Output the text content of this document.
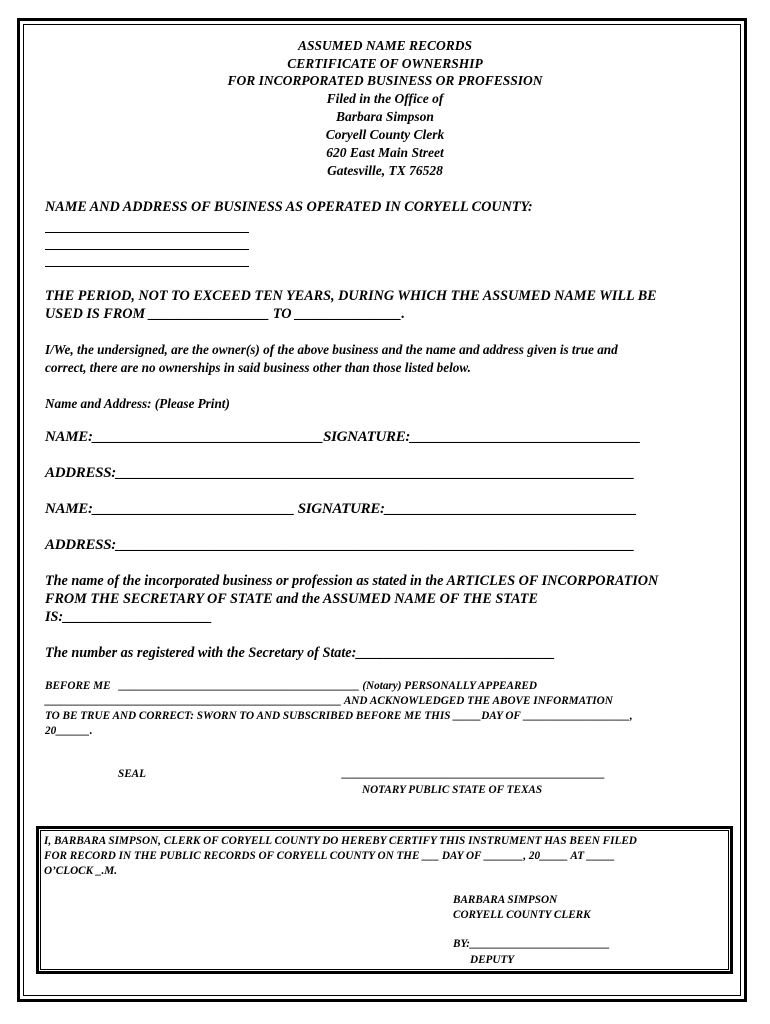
ASSUMED NAME RECORDS
CERTIFICATE OF OWNERSHIP
FOR INCORPORATED BUSINESS OR PROFESSION
Filed in the Office of
Barbara Simpson
Coryell County Clerk
620 East Main Street
Gatesville, TX 76528
NAME AND ADDRESS OF BUSINESS AS OPERATED IN CORYELL COUNTY:
THE PERIOD, NOT TO EXCEED TEN YEARS, DURING WHICH THE ASSUMED NAME WILL BE
USED IS FROM _________________ TO _______________.
I/We, the undersigned, are the owner(s) of the above business and the name and address given is true and
correct, there are no ownerships in said business other than those listed below.
Name and Address: (Please Print)
NAME:________________________________SIGNATURE:________________________________
ADDRESS:________________________________________________________________________
NAME:____________________________ SIGNATURE:___________________________________
ADDRESS:________________________________________________________________________
The name of the incorporated business or profession as stated in the ARTICLES OF INCORPORATION
FROM THE SECRETARY OF STATE and the ASSUMED NAME OF THE STATE
IS:_____________________
The number as registered with the Secretary of State:____________________________
BEFORE ME   ___________________________________________ (Notary) PERSONALLY APPEARED
_____________________________________________________ AND ACKNOWLEDGED THE ABOVE INFORMATION
TO BE TRUE AND CORRECT: SWORN TO AND SUBSCRIBED BEFORE ME THIS _____DAY OF ___________________,
20______.
SEAL	_______________________________________________
NOTARY PUBLIC STATE OF TEXAS
I, BARBARA SIMPSON, CLERK OF CORYELL COUNTY DO HEREBY CERTIFY THIS INSTRUMENT HAS BEEN FILED
FOR RECORD IN THE PUBLIC RECORDS OF CORYELL COUNTY ON THE ___ DAY OF _______, 20_____ AT _____
O’CLOCK _.M.
BARBARA SIMPSON
CORYELL COUNTY CLERK
BY:_________________________
DEPUTY
